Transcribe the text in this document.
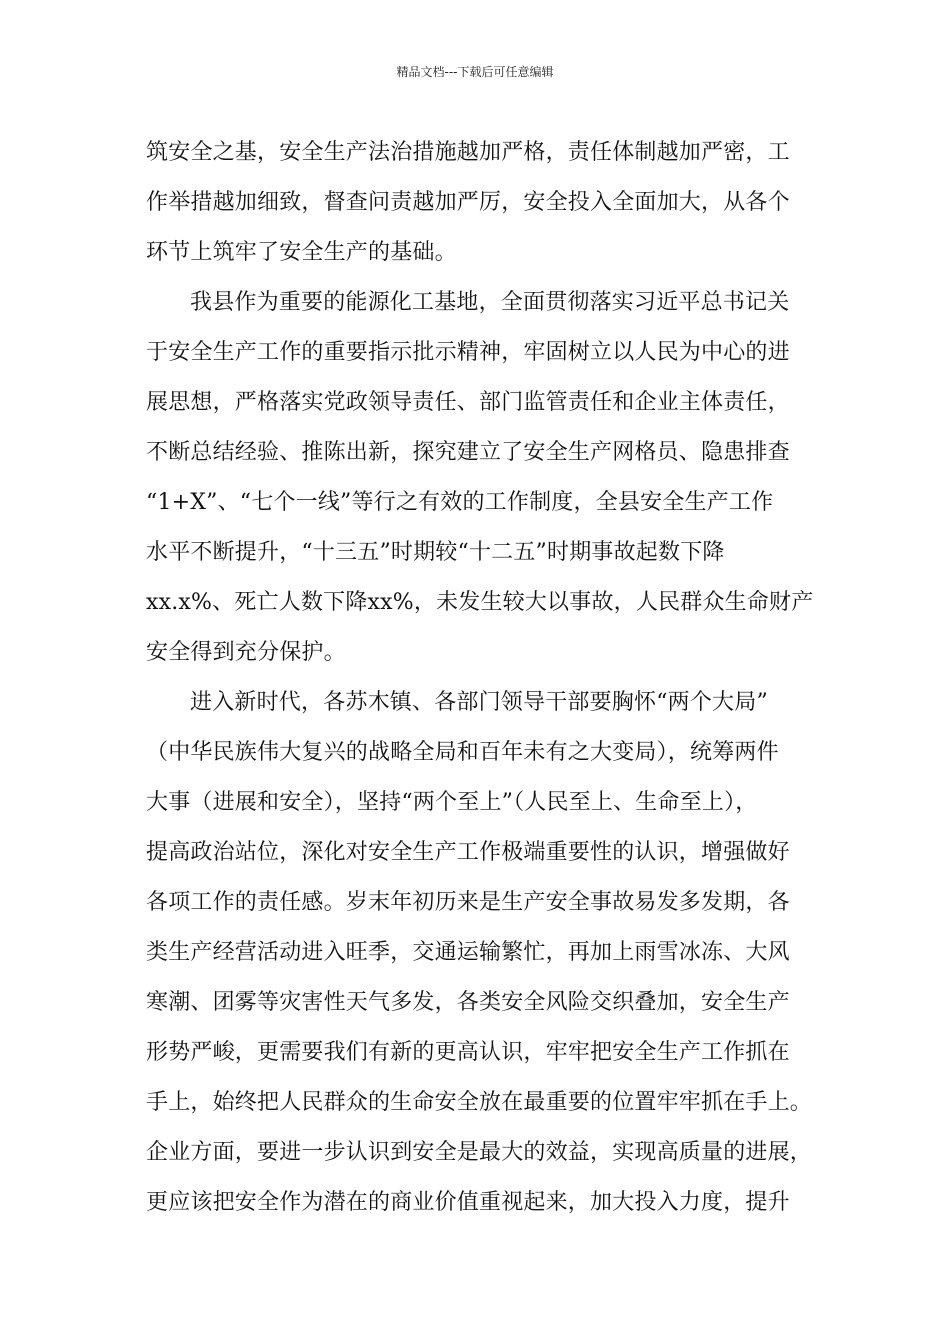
精品文档---下载后可任意编辑
筑安全之基，安全生产法治措施越加严格，责任体制越加严密，工
作举措越加细致，督查问责越加严厉，安全投入全面加大，从各个
环节上筑牢了安全生产的基础。
我县作为重要的能源化工基地，全面贯彻落实习近平总书记关
于安全生产工作的重要指示批示精神，牢固树立以人民为中心的进
展思想，严格落实党政领导责任、部门监管责任和企业主体责任，
不断总结经验、推陈出新，探究建立了安全生产网格员、隐患排查
“1+X”、“七个一线”等行之有效的工作制度，全县安全生产工作
水平不断提升，“十三五”时期较“十二五”时期事故起数下降
xx.x%、死亡人数下降xx%，未发生较大以事故，人民群众生命财产
安全得到充分保护。
进入新时代，各苏木镇、各部门领导干部要胸怀“两个大局”
（中华民族伟大复兴的战略全局和百年未有之大变局），统筹两件
大事（进展和安全），坚持“两个至上”（人民至上、生命至上），
提高政治站位，深化对安全生产工作极端重要性的认识，增强做好
各项工作的责任感。岁末年初历来是生产安全事故易发多发期，各
类生产经营活动进入旺季，交通运输繁忙，再加上雨雪冰冻、大风
寒潮、团雾等灾害性天气多发，各类安全风险交织叠加，安全生产
形势严峻，更需要我们有新的更高认识，牢牢把安全生产工作抓在
手上，始终把人民群众的生命安全放在最重要的位置牢牢抓在手上。
企业方面，要进一步认识到安全是最大的效益，实现高质量的进展，
更应该把安全作为潜在的商业价值重视起来，加大投入力度，提升
